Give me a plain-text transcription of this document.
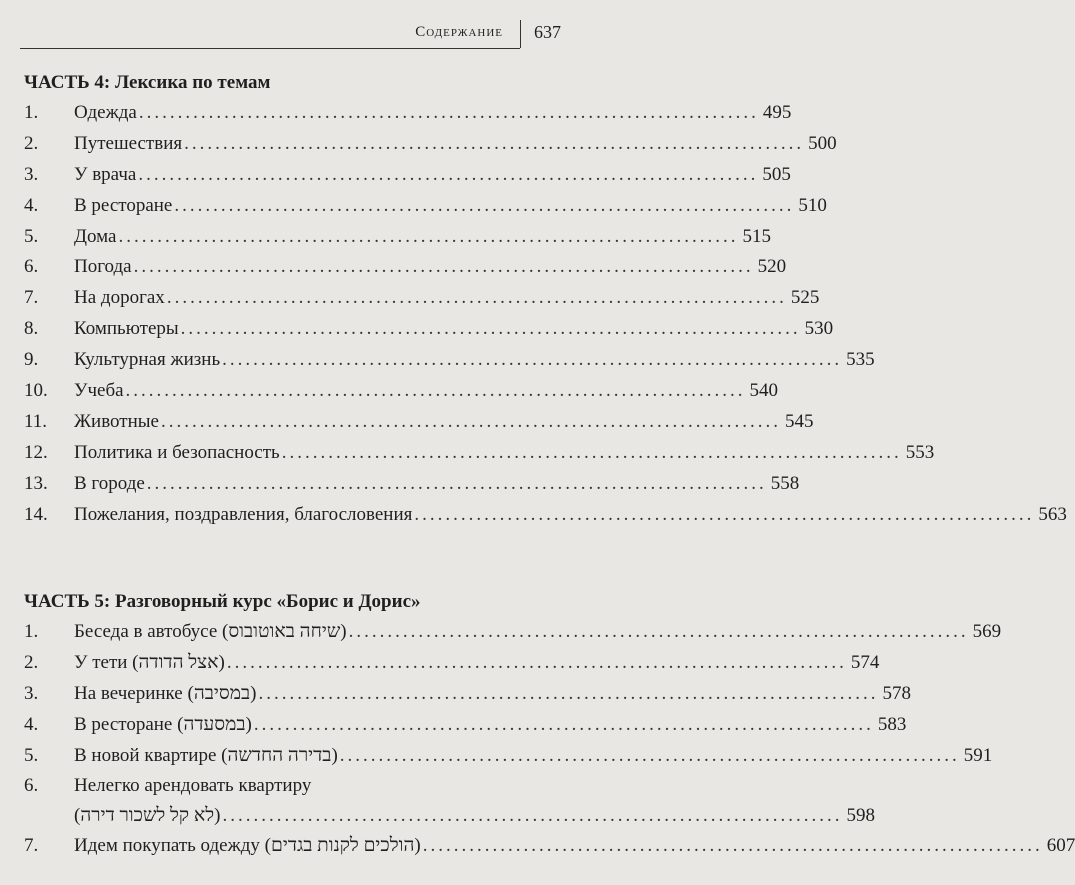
Содержание 637
ЧАСТЬ 4: Лексика по темам
1. Одежда ................................................................................ 495
2. Путешествия ................................................................................ 500
3. У врача ................................................................................ 505
4. В ресторане ................................................................................ 510
5. Дома ................................................................................ 515
6. Погода ................................................................................ 520
7. На дорогах ................................................................................ 525
8. Компьютеры ................................................................................ 530
9. Культурная жизнь ................................................................................ 535
10. Учеба ................................................................................ 540
11. Животные ................................................................................ 545
12. Политика и безопасность ................................................................................ 553
13. В городе ................................................................................ 558
14. Пожелания, поздравления, благословения ................................................................................ 563
ЧАСТЬ 5: Разговорный курс «Борис и Дорис»
1. Беседа в автобусе (שיחה באוטובוס) ................................................................................ 569
2. У тети (אצל הדודה) ................................................................................ 574
3. На вечеринке (במסיבה) ................................................................................ 578
4. В ресторане (במסעדה) ................................................................................ 583
5. В новой квартире (בדירה החדשה) ................................................................................ 591
6. Нелегко арендовать квартиру
(לא קל לשכור דירה) ................................................................................ 598
7. Идем покупать одежду (הולכים לקנות בגדים) ................................................................................ 607
